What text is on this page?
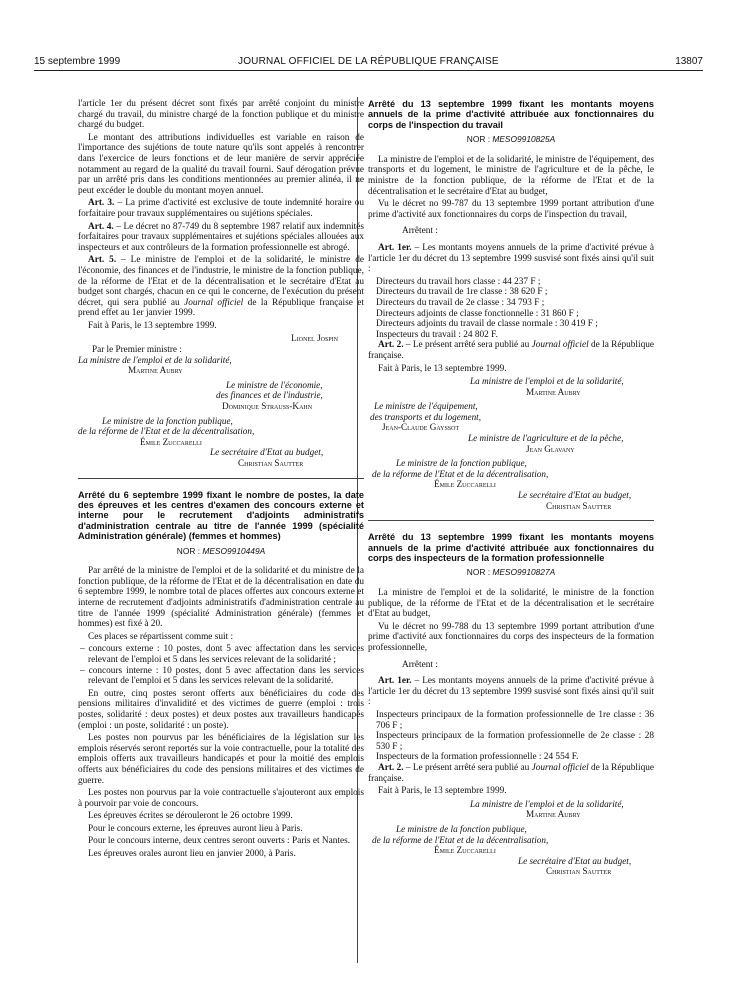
15 septembre 1999	JOURNAL OFFICIEL DE LA RÉPUBLIQUE FRANÇAISE	13807

l'article 1er du présent décret sont fixés par arrêté conjoint du ministre chargé du travail, du ministre chargé de la fonction publique et du ministre chargé du budget.

Le montant des attributions individuelles est variable en raison de l'importance des sujétions de toute nature qu'ils sont appelés à rencontrer dans l'exercice de leurs fonctions et de leur manière de servir appréciée notamment au regard de la qualité du travail fourni. Sauf dérogation prévue par un arrêté pris dans les conditions mentionnées au premier alinéa, il ne peut excéder le double du montant moyen annuel.

Art. 3. – La prime d'activité est exclusive de toute indemnité horaire ou forfaitaire pour travaux supplémentaires ou sujétions spéciales.

Art. 4. – Le décret no 87-749 du 8 septembre 1987 relatif aux indemnités forfaitaires pour travaux supplémentaires et sujétions spéciales allouées aux inspecteurs et aux contrôleurs de la formation professionnelle est abrogé.

Art. 5. – Le ministre de l'emploi et de la solidarité, le ministre de l'économie, des finances et de l'industrie, le ministre de la fonction publique, de la réforme de l'Etat et de la décentralisation et le secrétaire d'Etat au budget sont chargés, chacun en ce qui le concerne, de l'exécution du présent décret, qui sera publié au Journal officiel de la République française et prend effet au 1er janvier 1999.

Fait à Paris, le 13 septembre 1999.

Lionel Jospin

Par le Premier ministre :

La ministre de l'emploi et de la solidarité,

Martine Aubry

Le ministre de l'économie,

des finances et de l'industrie,

Dominique Strauss-Kahn

Le ministre de la fonction publique,

de la réforme de l'Etat et de la décentralisation,

Émile Zuccarelli

Le secrétaire d'Etat au budget,

Christian Sautter

Arrêté du 6 septembre 1999 fixant le nombre de postes, la date des épreuves et les centres d'examen des concours externe et interne pour le recrutement d'adjoints administratifs d'administration centrale au titre de l'année 1999 (spécialité Administration générale) (femmes et hommes)

NOR : MESO9910449A

Par arrêté de la ministre de l'emploi et de la solidarité et du ministre de la fonction publique, de la réforme de l'Etat et de la décentralisation en date du 6 septembre 1999, le nombre total de places offertes aux concours externe et interne de recrutement d'adjoints administratifs d'administration centrale au titre de l'année 1999 (spécialité Administration générale) (femmes et hommes) est fixé à 20.

Ces places se répartissent comme suit :

– concours externe : 10 postes, dont 5 avec affectation dans les services relevant de l'emploi et 5 dans les services relevant de la solidarité ;
– concours interne : 10 postes, dont 5 avec affectation dans les services relevant de l'emploi et 5 dans les services relevant de la solidarité.

En outre, cinq postes seront offerts aux bénéficiaires du code des pensions militaires d'invalidité et des victimes de guerre (emploi : trois postes, solidarité : deux postes) et deux postes aux travailleurs handicapés (emploi : un poste, solidarité : un poste).

Les postes non pourvus par les bénéficiaires de la législation sur les emplois réservés seront reportés sur la voie contractuelle, pour la totalité des emplois offerts aux travailleurs handicapés et pour la moitié des emplois offerts aux bénéficiaires du code des pensions militaires et des victimes de guerre.

Les postes non pourvus par la voie contractuelle s'ajouteront aux emplois à pourvoir par voie de concours.

Les épreuves écrites se dérouleront le 26 octobre 1999.

Pour le concours externe, les épreuves auront lieu à Paris.

Pour le concours interne, deux centres seront ouverts : Paris et Nantes.

Les épreuves orales auront lieu en janvier 2000, à Paris.

Arrêté du 13 septembre 1999 fixant les montants moyens annuels de la prime d'activité attribuée aux fonctionnaires du corps de l'inspection du travail

NOR : MESO9910825A

La ministre de l'emploi et de la solidarité, le ministre de l'équipement, des transports et du logement, le ministre de l'agriculture et de la pêche, le ministre de la fonction publique, de la réforme de l'Etat et de la décentralisation et le secrétaire d'Etat au budget,

Vu le décret no 99-787 du 13 septembre 1999 portant attribution d'une prime d'activité aux fonctionnaires du corps de l'inspection du travail,

Arrêtent :

Art. 1er. – Les montants moyens annuels de la prime d'activité prévue à l'article 1er du décret du 13 septembre 1999 susvisé sont fixés ainsi qu'il suit :

Directeurs du travail hors classe : 44 237 F ;

Directeurs du travail de 1re classe : 38 620 F ;

Directeurs du travail de 2e classe : 34 793 F ;

Directeurs adjoints de classe fonctionnelle : 31 860 F ;

Directeurs adjoints du travail de classe normale : 30 419 F ;

Inspecteurs du travail : 24 802 F.

Art. 2. – Le présent arrêté sera publié au Journal officiel de la République française.

Fait à Paris, le 13 septembre 1999.

La ministre de l'emploi et de la solidarité,

Martine Aubry

Le ministre de l'équipement,

des transports et du logement,

Jean-Claude Gayssot

Le ministre de l'agriculture et de la pêche,

Jean Glavany

Le ministre de la fonction publique,

de la réforme de l'Etat et de la décentralisation,

Émile Zuccarelli

Le secrétaire d'Etat au budget,

Christian Sautter

Arrêté du 13 septembre 1999 fixant les montants moyens annuels de la prime d'activité attribuée aux fonctionnaires du corps des inspecteurs de la formation professionnelle

NOR : MESO9910827A

La ministre de l'emploi et de la solidarité, le ministre de la fonction publique, de la réforme de l'Etat et de la décentralisation et le secrétaire d'Etat au budget,

Vu le décret no 99-788 du 13 septembre 1999 portant attribution d'une prime d'activité aux fonctionnaires du corps des inspecteurs de la formation professionnelle,

Arrêtent :

Art. 1er. – Les montants moyens annuels de la prime d'activité prévue à l'article 1er du décret du 13 septembre 1999 susvisé sont fixés ainsi qu'il suit :

Inspecteurs principaux de la formation professionnelle de 1re classe : 36 706 F ;

Inspecteurs principaux de la formation professionnelle de 2e classe : 28 530 F ;

Inspecteurs de la formation professionnelle : 24 554 F.

Art. 2. – Le présent arrêté sera publié au Journal officiel de la République française.

Fait à Paris, le 13 septembre 1999.

La ministre de l'emploi et de la solidarité,

Martine Aubry

Le ministre de la fonction publique,

de la réforme de l'Etat et de la décentralisation,

Émile Zuccarelli

Le secrétaire d'Etat au budget,

Christian Sautter
